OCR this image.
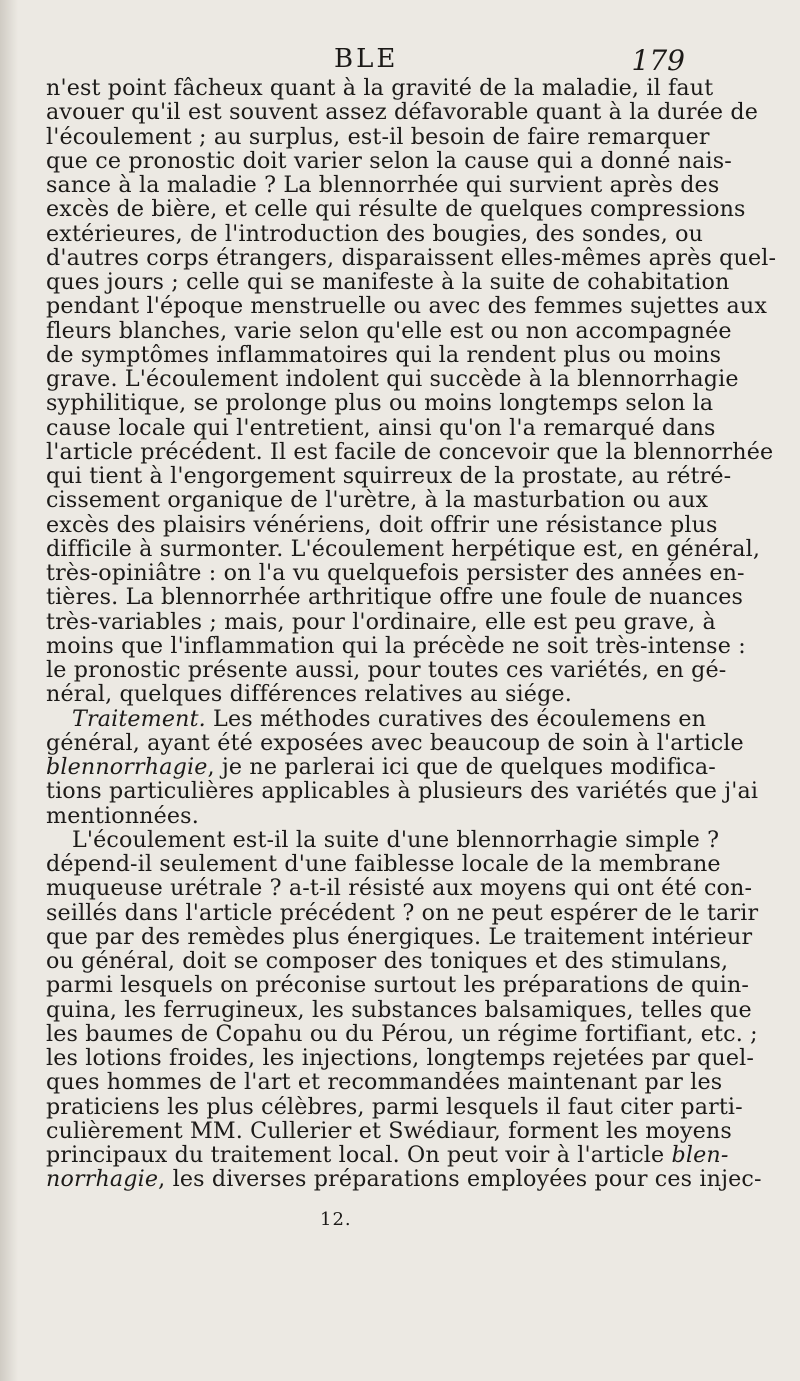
BLE	179
n'est point fâcheux quant à la gravité de la maladie, il faut
avouer qu'il est souvent assez défavorable quant à la durée de
l'écoulement ; au surplus, est-il besoin de faire remarquer
que ce pronostic doit varier selon la cause qui a donné nais-
sance à la maladie ? La blennorrhée qui survient après des
excès de bière, et celle qui résulte de quelques compressions
extérieures, de l'introduction des bougies, des sondes, ou
d'autres corps étrangers, disparaissent elles-mêmes après quel-
ques jours ; celle qui se manifeste à la suite de cohabitation
pendant l'époque menstruelle ou avec des femmes sujettes aux
fleurs blanches, varie selon qu'elle est ou non accompagnée
de symptômes inflammatoires qui la rendent plus ou moins
grave. L'écoulement indolent qui succède à la blennorrhagie
syphilitique, se prolonge plus ou moins longtemps selon la
cause locale qui l'entretient, ainsi qu'on l'a remarqué dans
l'article précédent. Il est facile de concevoir que la blennorrhée
qui tient à l'engorgement squirreux de la prostate, au rétré-
cissement organique de l'urètre, à la masturbation ou aux
excès des plaisirs vénériens, doit offrir une résistance plus
difficile à surmonter. L'écoulement herpétique est, en général,
très-opiniâtre : on l'a vu quelquefois persister des années en-
tières. La blennorrhée arthritique offre une foule de nuances
très-variables ; mais, pour l'ordinaire, elle est peu grave, à
moins que l'inflammation qui la précède ne soit très-intense :
le pronostic présente aussi, pour toutes ces variétés, en gé-
néral, quelques différences relatives au siége.
Traitement. Les méthodes curatives des écoulemens en
général, ayant été exposées avec beaucoup de soin à l'article
blennorrhagie, je ne parlerai ici que de quelques modifica-
tions particulières applicables à plusieurs des variétés que j'ai
mentionnées.
L'écoulement est-il la suite d'une blennorrhagie simple ?
dépend-il seulement d'une faiblesse locale de la membrane
muqueuse urétrale ? a-t-il résisté aux moyens qui ont été con-
seillés dans l'article précédent ? on ne peut espérer de le tarir
que par des remèdes plus énergiques. Le traitement intérieur
ou général, doit se composer des toniques et des stimulans,
parmi lesquels on préconise surtout les préparations de quin-
quina, les ferrugineux, les substances balsamiques, telles que
les baumes de Copahu ou du Pérou, un régime fortifiant, etc. ;
les lotions froides, les injections, longtemps rejetées par quel-
ques hommes de l'art et recommandées maintenant par les
praticiens les plus célèbres, parmi lesquels il faut citer parti-
culièrement MM. Cullerier et Swédiaur, forment les moyens
principaux du traitement local. On peut voir à l'article blen-
norrhagie, les diverses préparations employées pour ces injec-
12.
